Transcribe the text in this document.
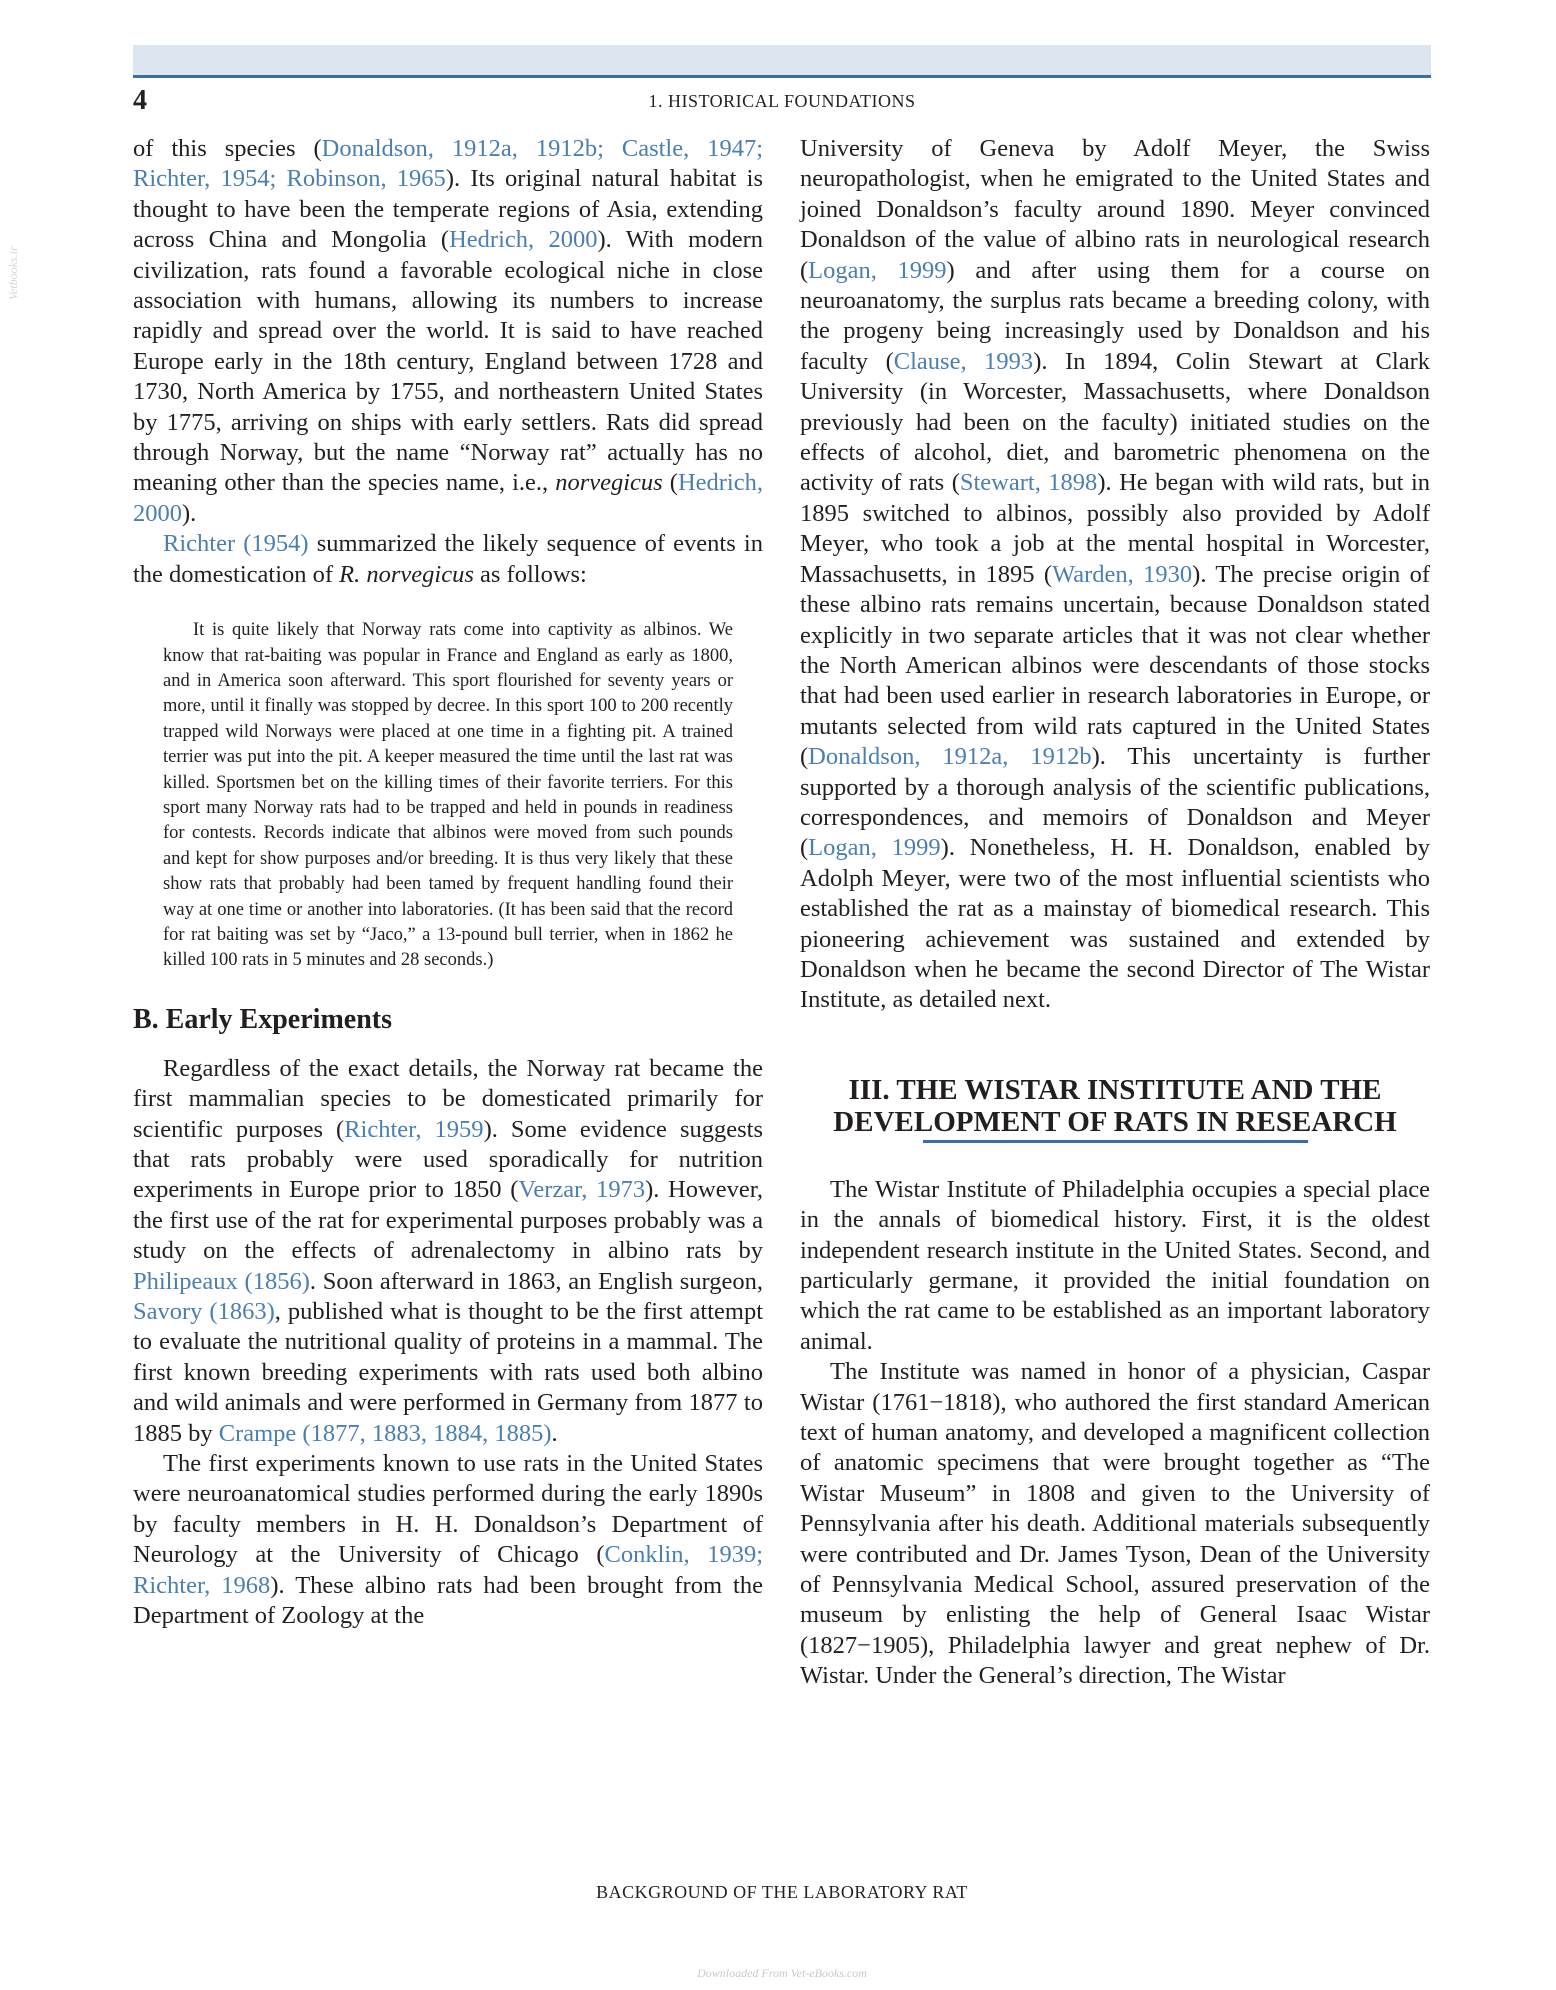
4	1. HISTORICAL FOUNDATIONS
Vetbooks.ir

of this species (Donaldson, 1912a, 1912b; Castle, 1947; Richter, 1954; Robinson, 1965). Its original natural habitat is thought to have been the temperate regions of Asia, extending across China and Mongolia (Hedrich, 2000). With modern civilization, rats found a favorable ecological niche in close association with humans, allowing its numbers to increase rapidly and spread over the world. It is said to have reached Europe early in the 18th century, England between 1728 and 1730, North America by 1755, and northeastern United States by 1775, arriving on ships with early settlers. Rats did spread through Norway, but the name “Norway rat” actually has no meaning other than the species name, i.e., norvegicus (Hedrich, 2000).

Richter (1954) summarized the likely sequence of events in the domestication of R. norvegicus as follows:

It is quite likely that Norway rats come into captivity as albinos. We know that rat-baiting was popular in France and England as early as 1800, and in America soon afterward. This sport flourished for seventy years or more, until it finally was stopped by decree. In this sport 100 to 200 recently trapped wild Norways were placed at one time in a fighting pit. A trained terrier was put into the pit. A keeper measured the time until the last rat was killed. Sportsmen bet on the killing times of their favorite terriers. For this sport many Norway rats had to be trapped and held in pounds in readiness for contests. Records indicate that albinos were moved from such pounds and kept for show purposes and/or breeding. It is thus very likely that these show rats that probably had been tamed by frequent handling found their way at one time or another into laboratories. (It has been said that the record for rat baiting was set by “Jaco,” a 13-pound bull terrier, when in 1862 he killed 100 rats in 5 minutes and 28 seconds.)
B. Early Experiments

Regardless of the exact details, the Norway rat became the first mammalian species to be domesticated primarily for scientific purposes (Richter, 1959). Some evidence suggests that rats probably were used sporadically for nutrition experiments in Europe prior to 1850 (Verzar, 1973). However, the first use of the rat for experimental purposes probably was a study on the effects of adrenalectomy in albino rats by Philipeaux (1856). Soon afterward in 1863, an English surgeon, Savory (1863), published what is thought to be the first attempt to evaluate the nutritional quality of proteins in a mammal. The first known breeding experiments with rats used both albino and wild animals and were performed in Germany from 1877 to 1885 by Crampe (1877, 1883, 1884, 1885).

The first experiments known to use rats in the United States were neuroanatomical studies performed during the early 1890s by faculty members in H. H. Donaldson’s Department of Neurology at the University of Chicago (Conklin, 1939; Richter, 1968). These albino rats had been brought from the Department of Zoology at the

University of Geneva by Adolf Meyer, the Swiss neuropathologist, when he emigrated to the United States and joined Donaldson’s faculty around 1890. Meyer convinced Donaldson of the value of albino rats in neurological research (Logan, 1999) and after using them for a course on neuroanatomy, the surplus rats became a breeding colony, with the progeny being increasingly used by Donaldson and his faculty (Clause, 1993). In 1894, Colin Stewart at Clark University (in Worcester, Massachusetts, where Donaldson previously had been on the faculty) initiated studies on the effects of alcohol, diet, and barometric phenomena on the activity of rats (Stewart, 1898). He began with wild rats, but in 1895 switched to albinos, possibly also provided by Adolf Meyer, who took a job at the mental hospital in Worcester, Massachusetts, in 1895 (Warden, 1930). The precise origin of these albino rats remains uncertain, because Donaldson stated explicitly in two separate articles that it was not clear whether the North American albinos were descendants of those stocks that had been used earlier in research laboratories in Europe, or mutants selected from wild rats captured in the United States (Donaldson, 1912a, 1912b). This uncertainty is further supported by a thorough analysis of the scientific publications, correspondences, and memoirs of Donaldson and Meyer (Logan, 1999). Nonetheless, H. H. Donaldson, enabled by Adolph Meyer, were two of the most influential scientists who established the rat as a mainstay of biomedical research. This pioneering achievement was sustained and extended by Donaldson when he became the second Director of The Wistar Institute, as detailed next.

III. THE WISTAR INSTITUTE AND THE
DEVELOPMENT OF RATS IN RESEARCH

The Wistar Institute of Philadelphia occupies a special place in the annals of biomedical history. First, it is the oldest independent research institute in the United States. Second, and particularly germane, it provided the initial foundation on which the rat came to be established as an important laboratory animal.

The Institute was named in honor of a physician, Caspar Wistar (1761−1818), who authored the first standard American text of human anatomy, and developed a magnificent collection of anatomic specimens that were brought together as “The Wistar Museum” in 1808 and given to the University of Pennsylvania after his death. Additional materials subsequently were contributed and Dr. James Tyson, Dean of the University of Pennsylvania Medical School, assured preservation of the museum by enlisting the help of General Isaac Wistar (1827−1905), Philadelphia lawyer and great nephew of Dr. Wistar. Under the General’s direction, The Wistar

BACKGROUND OF THE LABORATORY RAT
Downloaded From Vet-eBooks.com
